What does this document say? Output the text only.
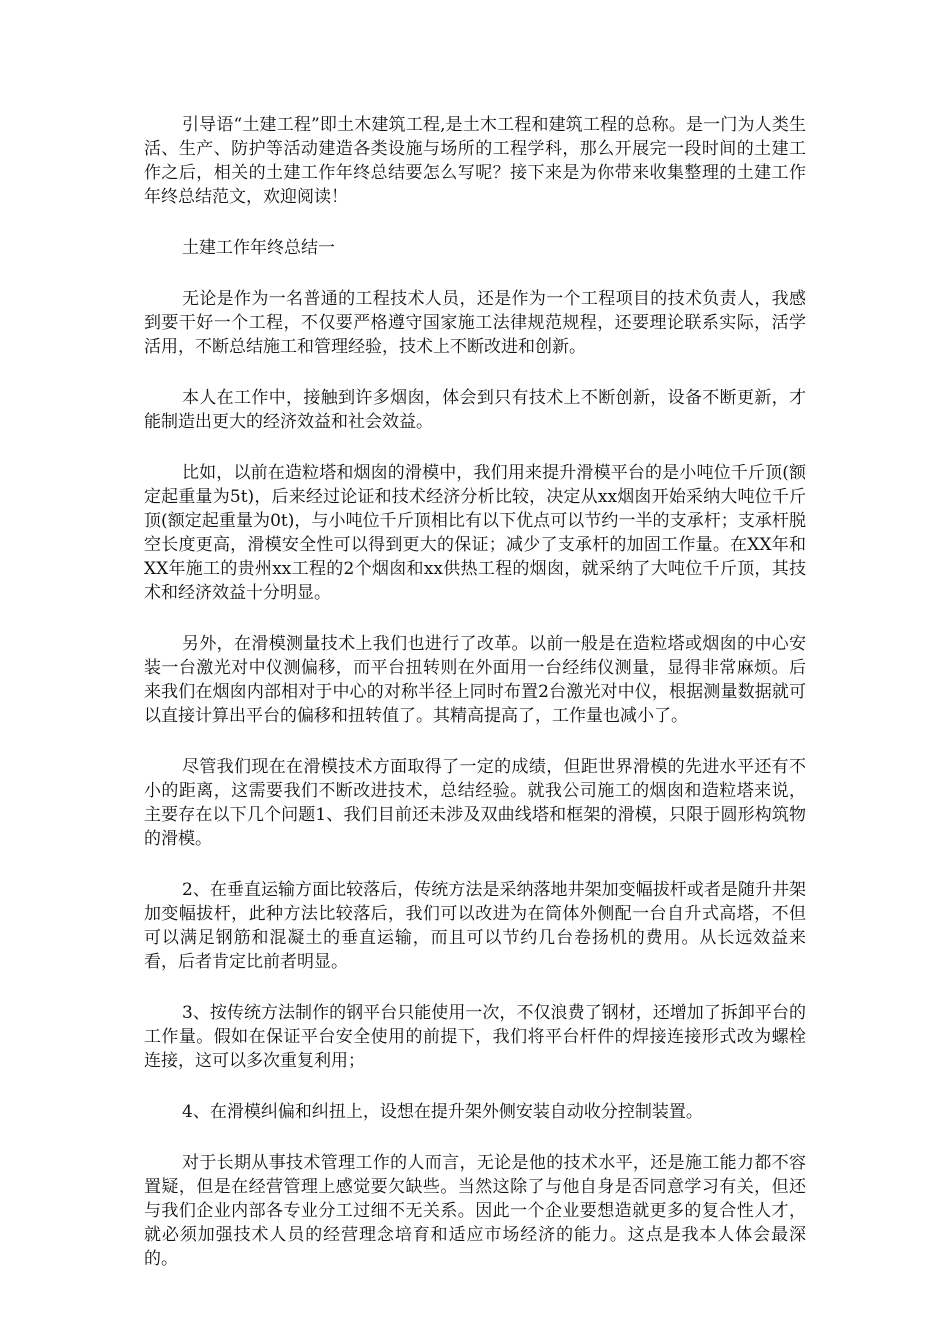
引导语“土建工程”即土木建筑工程,是土木工程和建筑工程的总称。是一门为人类生活、生产、防护等活动建造各类设施与场所的工程学科，那么开展完一段时间的土建工作之后，相关的土建工作年终总结要怎么写呢？接下来是为你带来收集整理的土建工作年终总结范文，欢迎阅读！

土建工作年终总结一

无论是作为一名普通的工程技术人员，还是作为一个工程项目的技术负责人，我感到要干好一个工程，不仅要严格遵守国家施工法律规范规程，还要理论联系实际，活学活用，不断总结施工和管理经验，技术上不断改进和创新。

本人在工作中，接触到许多烟囱，体会到只有技术上不断创新，设备不断更新，才能制造出更大的经济效益和社会效益。

比如，以前在造粒塔和烟囱的滑模中，我们用来提升滑模平台的是小吨位千斤顶(额定起重量为5t)，后来经过论证和技术经济分析比较，决定从xx烟囱开始采纳大吨位千斤顶(额定起重量为0t)，与小吨位千斤顶相比有以下优点可以节约一半的支承杆；支承杆脱空长度更高，滑模安全性可以得到更大的保证；减少了支承杆的加固工作量。在XX年和XX年施工的贵州xx工程的2个烟囱和xx供热工程的烟囱，就采纳了大吨位千斤顶，其技术和经济效益十分明显。

另外，在滑模测量技术上我们也进行了改革。以前一般是在造粒塔或烟囱的中心安装一台激光对中仪测偏移，而平台扭转则在外面用一台经纬仪测量，显得非常麻烦。后来我们在烟囱内部相对于中心的对称半径上同时布置2台激光对中仪，根据测量数据就可以直接计算出平台的偏移和扭转值了。其精高提高了，工作量也减小了。

尽管我们现在在滑模技术方面取得了一定的成绩，但距世界滑模的先进水平还有不小的距离，这需要我们不断改进技术，总结经验。就我公司施工的烟囱和造粒塔来说，主要存在以下几个问题1、我们目前还未涉及双曲线塔和框架的滑模，只限于圆形构筑物的滑模。

2、在垂直运输方面比较落后，传统方法是采纳落地井架加变幅拔杆或者是随升井架加变幅拔杆，此种方法比较落后，我们可以改进为在筒体外侧配一台自升式高塔，不但可以满足钢筋和混凝土的垂直运输，而且可以节约几台卷扬机的费用。从长远效益来看，后者肯定比前者明显。

3、按传统方法制作的钢平台只能使用一次，不仅浪费了钢材，还增加了拆卸平台的工作量。假如在保证平台安全使用的前提下，我们将平台杆件的焊接连接形式改为螺栓连接，这可以多次重复利用；

4、在滑模纠偏和纠扭上，设想在提升架外侧安装自动收分控制装置。

对于长期从事技术管理工作的人而言，无论是他的技术水平，还是施工能力都不容置疑，但是在经营管理上感觉要欠缺些。当然这除了与他自身是否同意学习有关，但还与我们企业内部各专业分工过细不无关系。因此一个企业要想造就更多的复合性人才，就必须加强技术人员的经营理念培育和适应市场经济的能力。这点是我本人体会最深的。
